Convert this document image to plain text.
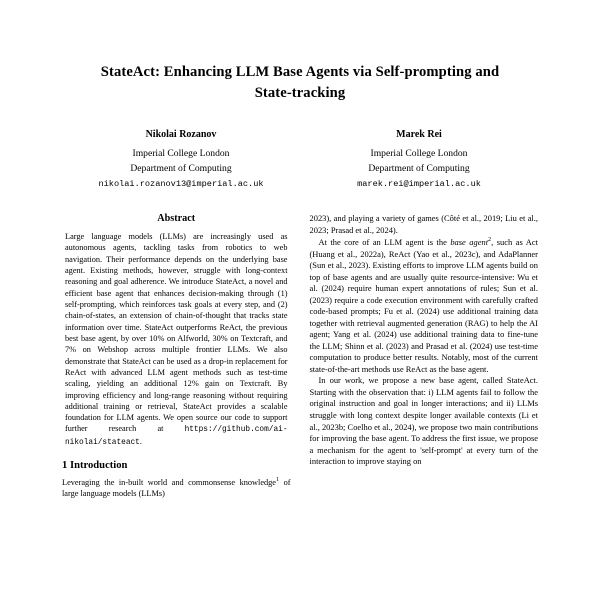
StateAct: Enhancing LLM Base Agents via Self-prompting and
State-tracking
Nikolai Rozanov
Imperial College London
Department of Computing
nikolai.rozanov13@imperial.ac.uk
Marek Rei
Imperial College London
Department of Computing
marek.rei@imperial.ac.uk
Abstract

Large language models (LLMs) are increasingly used as autonomous agents, tackling tasks from robotics to web navigation. Their performance depends on the underlying base agent. Existing methods, however, struggle with long-context reasoning and goal adherence. We introduce StateAct, a novel and efficient base agent that enhances decision-making through (1) self-prompting, which reinforces task goals at every step, and (2) chain-of-states, an extension of chain-of-thought that tracks state information over time. StateAct outperforms ReAct, the previous best base agent, by over 10% on Alfworld, 30% on Textcraft, and 7% on Webshop across multiple frontier LLMs. We also demonstrate that StateAct can be used as a drop-in replacement for ReAct with advanced LLM agent methods such as test-time scaling, yielding an additional 12% gain on Textcraft. By improving efficiency and long-range reasoning without requiring additional training or retrieval, StateAct provides a scalable foundation for LLM agents. We open source our code to support further research at	https://github.com/ai-nikolai/stateact.

1 Introduction

Leveraging the in-built world and commonsense knowledge$^1$ of large language models (LLMs)

2023), and playing a variety of games (Côté et al., 2019; Liu et al., 2023; Prasad et al., 2024).

At the core of an LLM agent is the base agent$^2$, such as Act (Huang et al., 2022a), ReAct (Yao et al., 2023c), and AdaPlanner (Sun et al., 2023). Existing efforts to improve LLM agents build on top of base agents and are usually quite resource-intensive: Wu et al. (2024) require human expert annotations of rules; Sun et al. (2023) require a code execution environment with carefully crafted code-based prompts; Fu et al. (2024) use additional training data together with retrieval augmented generation (RAG) to help the AI agent; Yang et al. (2024) use additional training data to fine-tune the LLM; Shinn et al. (2023) and Prasad et al. (2024) use test-time computation to produce better results. Notably, most of the current state-of-the-art methods use ReAct as the base agent.

In our work, we propose a new base agent, called StateAct. Starting with the observation that: i) LLM agents fail to follow the original instruction and goal in longer interactions; and ii) LLMs struggle with long context despite longer available contexts (Li et al., 2023b; Coelho et al., 2024), we propose two main contributions for improving the base agent. To address the first issue, we propose a mechanism for the agent to 'self-prompt' at every turn of the interaction to improve staying on
